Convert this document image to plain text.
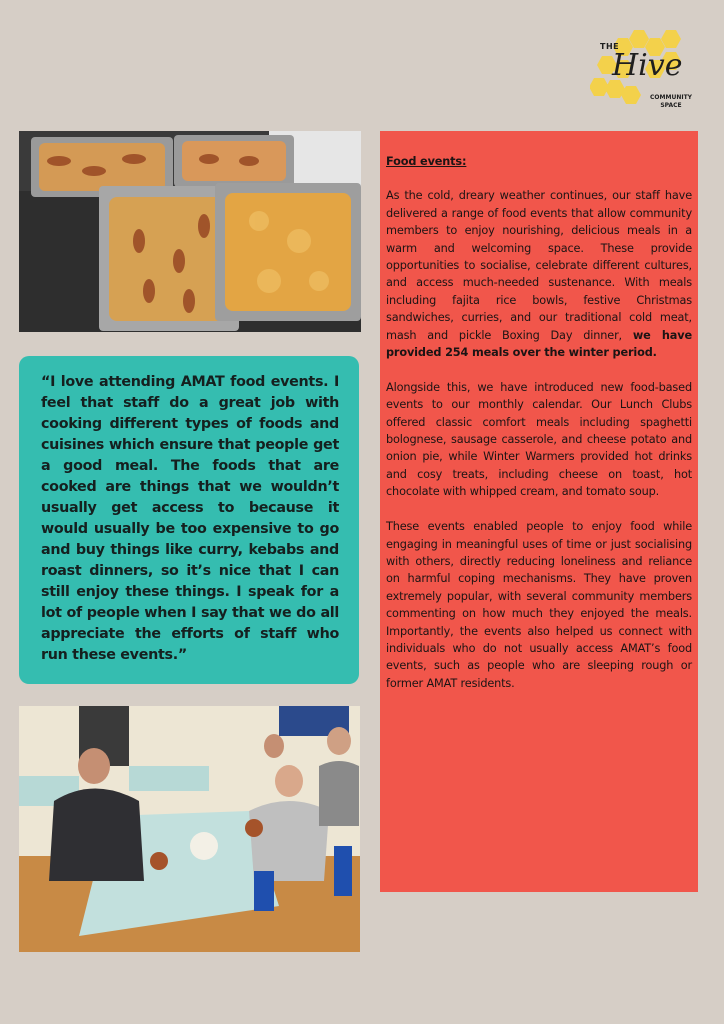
THE
Hive
COMMUNITY
SPACE

“I love attending AMAT food events. I feel that staff do a great job with cooking different types of foods and cuisines which ensure that people get a good meal. The foods that are cooked are things that we wouldn’t usually get access to because it would usually be too expensive to go and buy things like curry, kebabs and roast dinners, so it’s nice that I can still enjoy these things. I speak for a lot of people when I say that we do all appreciate the efforts of staff who run these events.”

Food events:

As the cold, dreary weather continues, our staff have delivered a range of food events that allow community members to enjoy nourishing, delicious meals in a warm and welcoming space. These provide opportunities to socialise, celebrate different cultures, and access much-needed sustenance. With meals including fajita rice bowls, festive Christmas sandwiches, curries, and our traditional cold meat, mash and pickle Boxing Day dinner, we have provided 254 meals over the winter period.

Alongside this, we have introduced new food-based events to our monthly calendar. Our Lunch Clubs offered classic comfort meals including spaghetti bolognese, sausage casserole, and cheese potato and onion pie, while Winter Warmers provided hot drinks and cosy treats, including cheese on toast, hot chocolate with whipped cream, and tomato soup.

These events enabled people to enjoy food while engaging in meaningful uses of time or just socialising with others, directly reducing loneliness and reliance on harmful coping mechanisms. They have proven extremely popular, with several community members commenting on how much they enjoyed the meals. Importantly, the events also helped us connect with individuals who do not usually access AMAT’s food events, such as people who are sleeping rough or former AMAT residents.
